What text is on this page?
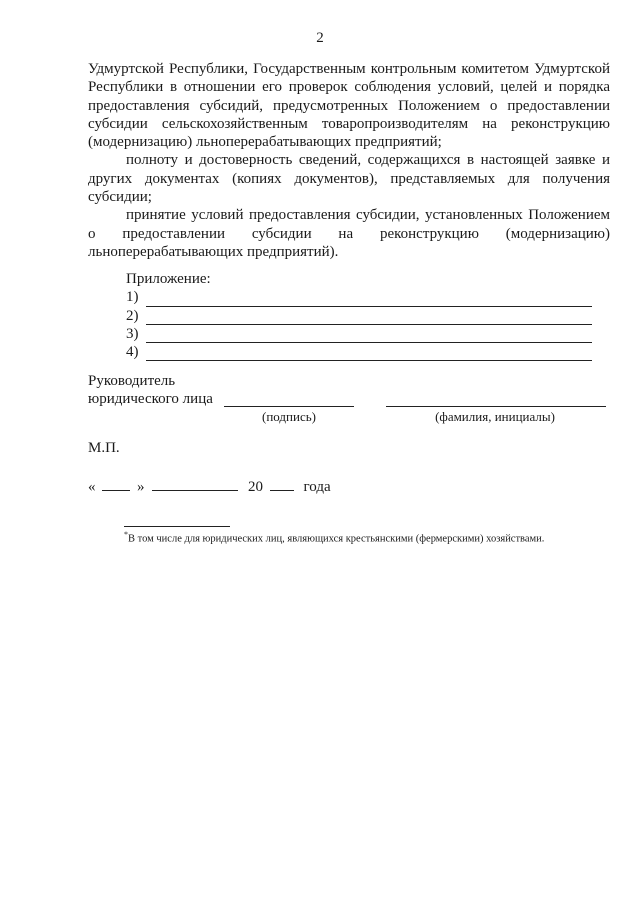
2

Удмуртской Республики, Государственным контрольным комитетом Удмуртской Республики в отношении его проверок соблюдения условий, целей и порядка предоставления субсидий, предусмотренных Положением о предоставлении субсидии сельскохозяйственным товаропроизводителям на реконструкцию (модернизацию) льноперерабатывающих предприятий;

полноту и достоверность сведений, содержащихся в настоящей заявке и других документах (копиях документов), представляемых для получения субсидии;

принятие условий предоставления субсидии, установленных Положением о предоставлении субсидии на реконструкцию (модернизацию) льноперерабатывающих предприятий).

Приложение:
1)
2)
3)
4)
Руководитель
юридического лица
(подпись)	(фамилия, инициалы)
М.П.
«	»	20	года
*В том числе для юридических лиц, являющихся крестьянскими (фермерскими) хозяйствами.
